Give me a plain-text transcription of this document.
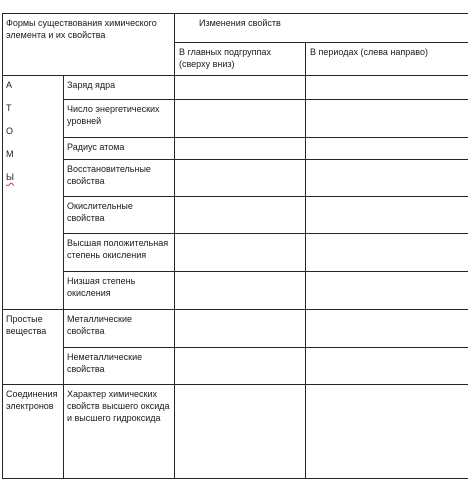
Формы существования химического элемента и их свойства		Изменения свойств	

		В главных подгруппах (сверху вниз)	В периодах (слева направо)

А
Т
О
М
Ы	Заряд ядра		

	Число энергетических уровней		

	Радиус атома		

	Восстановительные свойства		

	Окислительные свойства		

	Высшая положительная степень окисления		

	Низшая степень окисления		

Простые вещества	Металлические свойства		

	Неметаллические свойства		

Соединения электронов	Характер химических свойств высшего оксида и высшего гидроксида		
